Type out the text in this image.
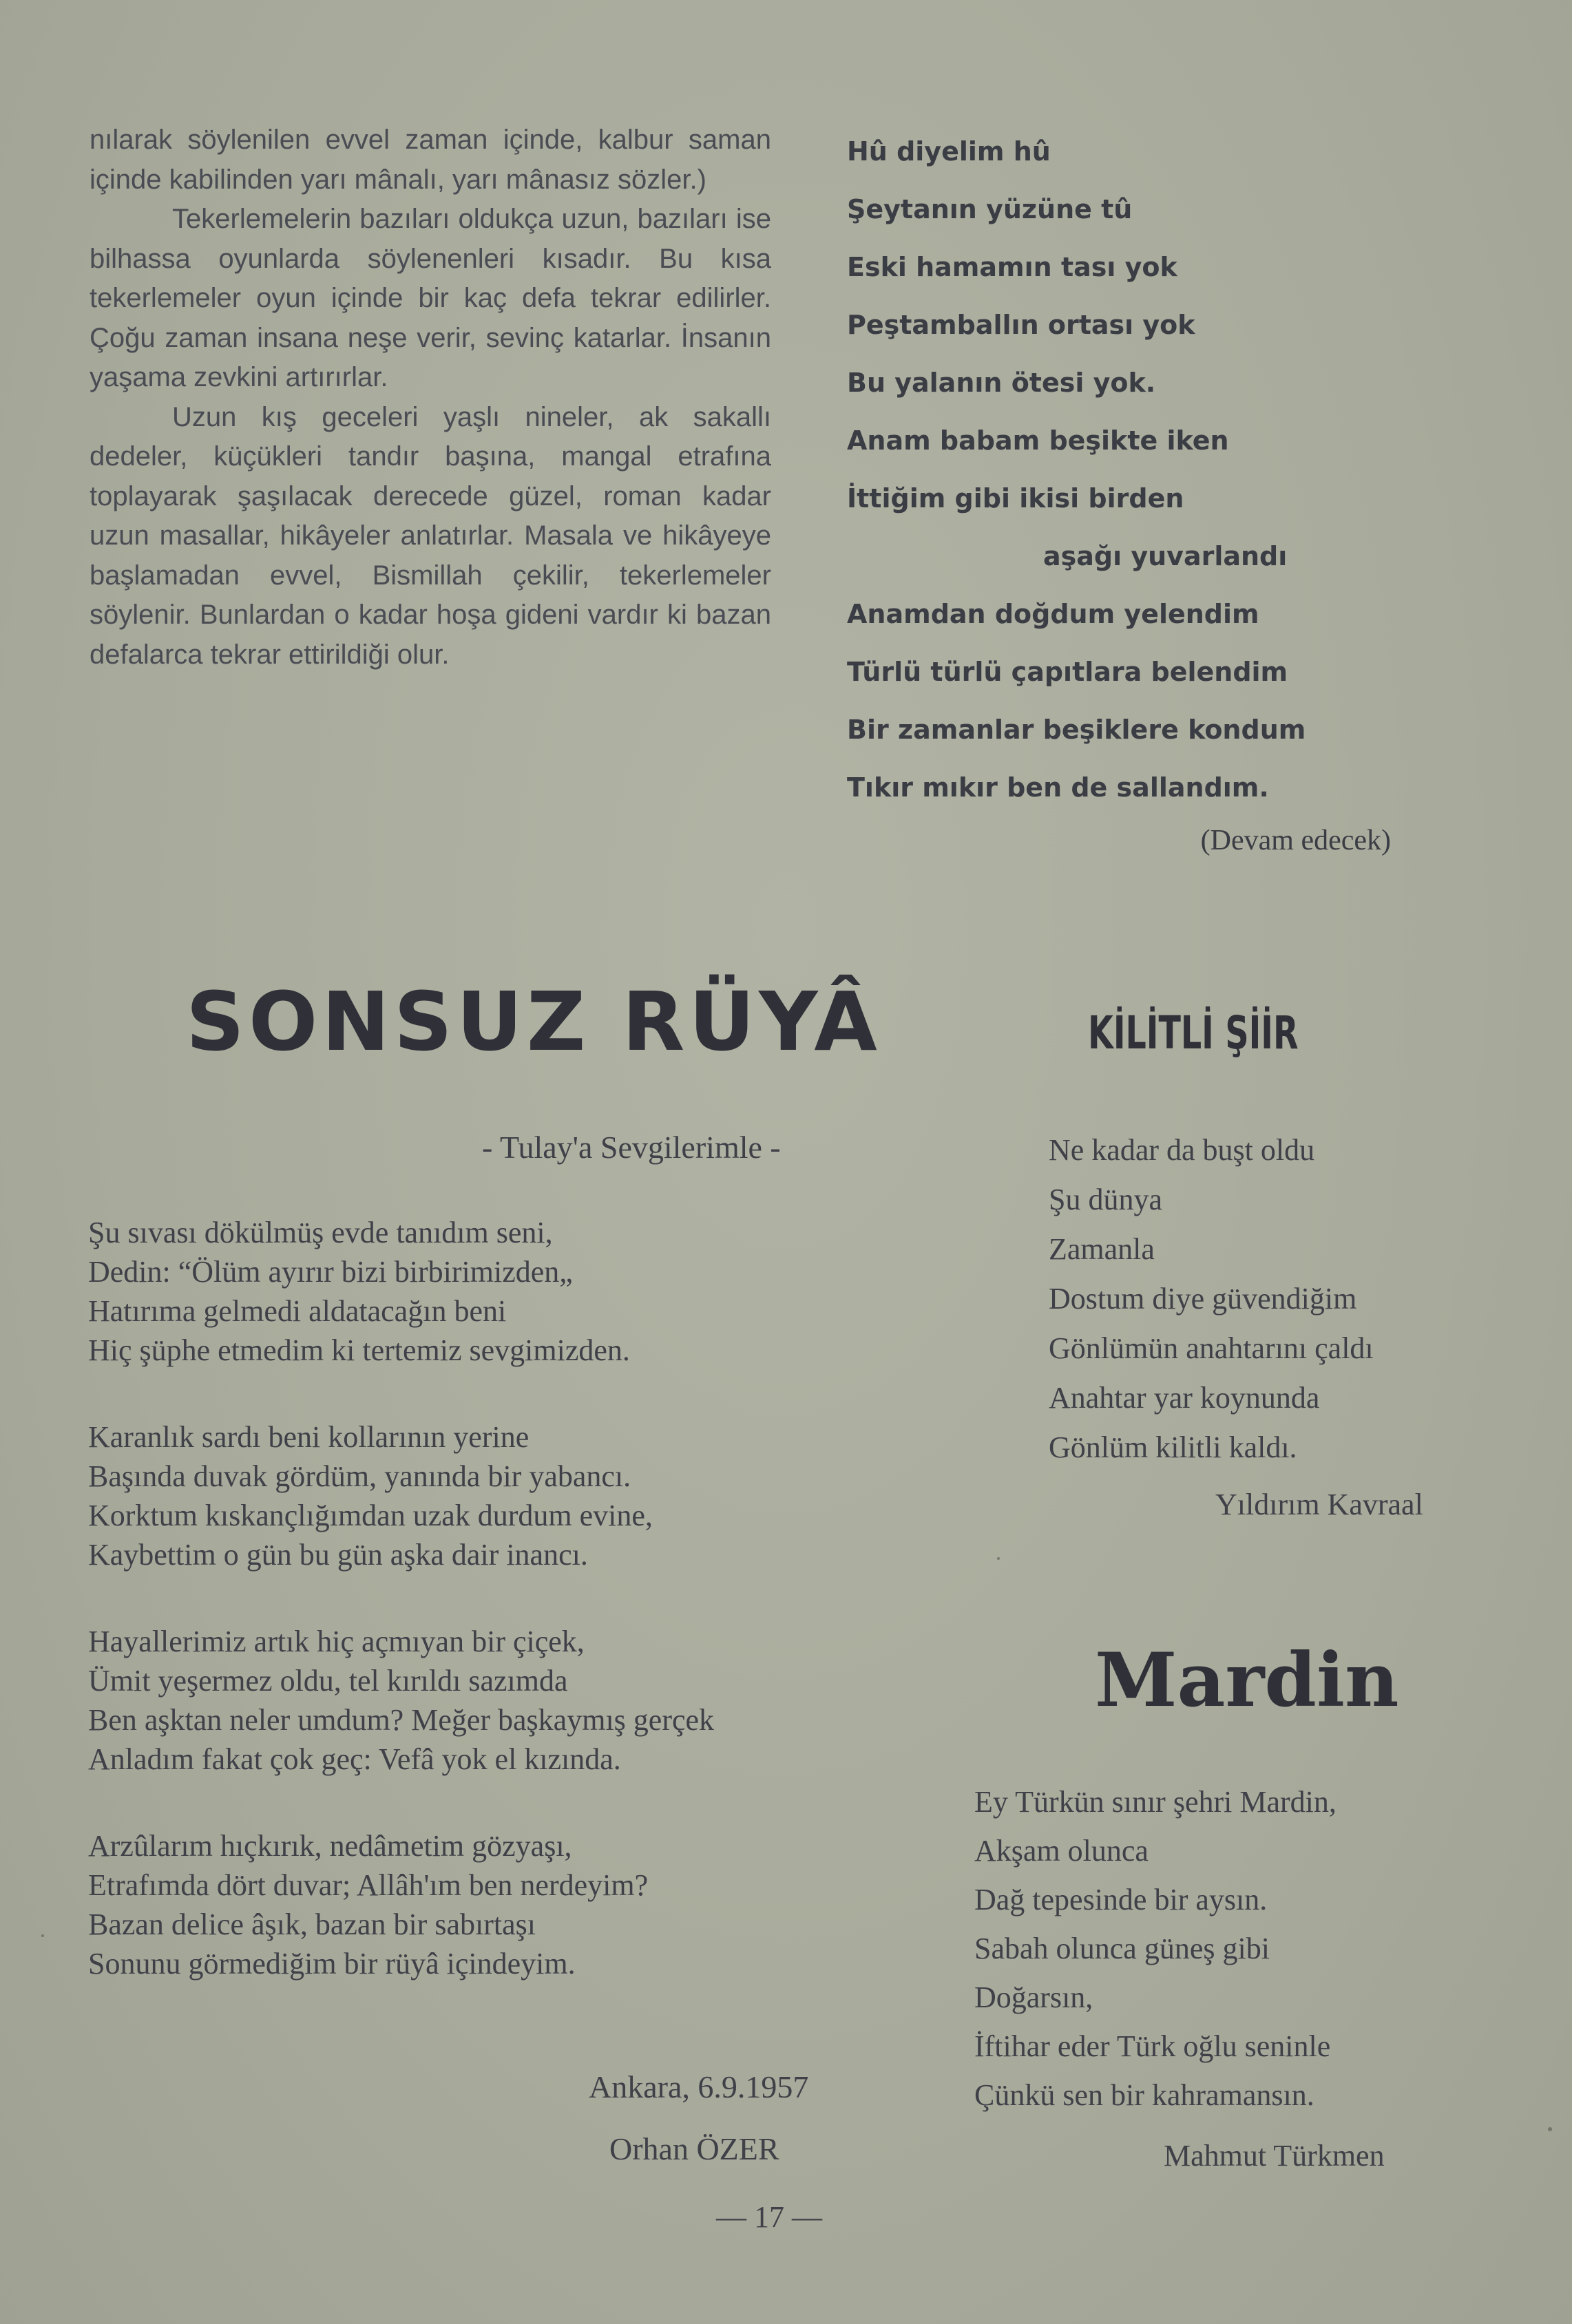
nılarak söylenilen evvel zaman içinde, kalbur saman içinde kabilinden yarı mânalı, yarı mânasız sözler.)

Tekerlemelerin bazıları oldukça uzun, bazıları ise bilhassa oyunlarda söylenenleri kısadır. Bu kısa tekerlemeler oyun içinde bir kaç defa tekrar edilirler. Çoğu zaman insana neşe verir, sevinç katarlar. İnsanın yaşama zevkini artırırlar.

Uzun kış geceleri yaşlı nineler, ak sakallı dedeler, küçükleri tandır başına, mangal etrafına toplayarak şaşılacak derecede güzel, roman kadar uzun masallar, hikâyeler anlatırlar. Masala ve hikâyeye başlamadan evvel, Bismillah çekilir, tekerlemeler söylenir. Bunlardan o kadar hoşa gideni vardır ki bazan defalarca tekrar ettirildiği olur.

Hû diyelim hû
Şeytanın yüzüne tû
Eski hamamın tası yok
Peştamballın ortası yok
Bu yalanın ötesi yok.
Anam babam beşikte iken
İttiğim gibi ikisi birden
aşağı yuvarlandı
Anamdan doğdum yelendim
Türlü türlü çapıtlara belendim
Bir zamanlar beşiklere kondum
Tıkır mıkır ben de sallandım.
(Devam edecek)
SONSUZ RÜYÂ
- Tulay'a Sevgilerimle -
Şu sıvası dökülmüş evde tanıdım seni,
Dedin: “Ölüm ayırır bizi birbirimizden„
Hatırıma gelmedi aldatacağın beni
Hiç şüphe etmedim ki tertemiz sevgimizden.
Karanlık sardı beni kollarının yerine
Başında duvak gördüm, yanında bir yabancı.
Korktum kıskançlığımdan uzak durdum evine,
Kaybettim o gün bu gün aşka dair inancı.
Hayallerimiz artık hiç açmıyan bir çiçek,
Ümit yeşermez oldu, tel kırıldı sazımda
Ben aşktan neler umdum? Meğer başkaymış gerçek
Anladım fakat çok geç: Vefâ yok el kızında.
Arzûlarım hıçkırık, nedâmetim gözyaşı,
Etrafımda dört duvar; Allâh'ım ben nerdeyim?
Bazan delice âşık, bazan bir sabırtaşı
Sonunu görmediğim bir rüyâ içindeyim.
Ankara, 6.9.1957
Orhan ÖZER
KİLİTLİ ŞİİR
Ne kadar da buşt oldu
Şu dünya
Zamanla
Dostum diye güvendiğim
Gönlümün anahtarını çaldı
Anahtar yar koynunda
Gönlüm kilitli kaldı.
Yıldırım Kavraal
Mardin
Ey Türkün sınır şehri Mardin,
Akşam olunca
Dağ tepesinde bir aysın.
Sabah olunca güneş gibi
Doğarsın,
İftihar eder Türk oğlu seninle
Çünkü sen bir kahramansın.
Mahmut Türkmen
— 17 —
